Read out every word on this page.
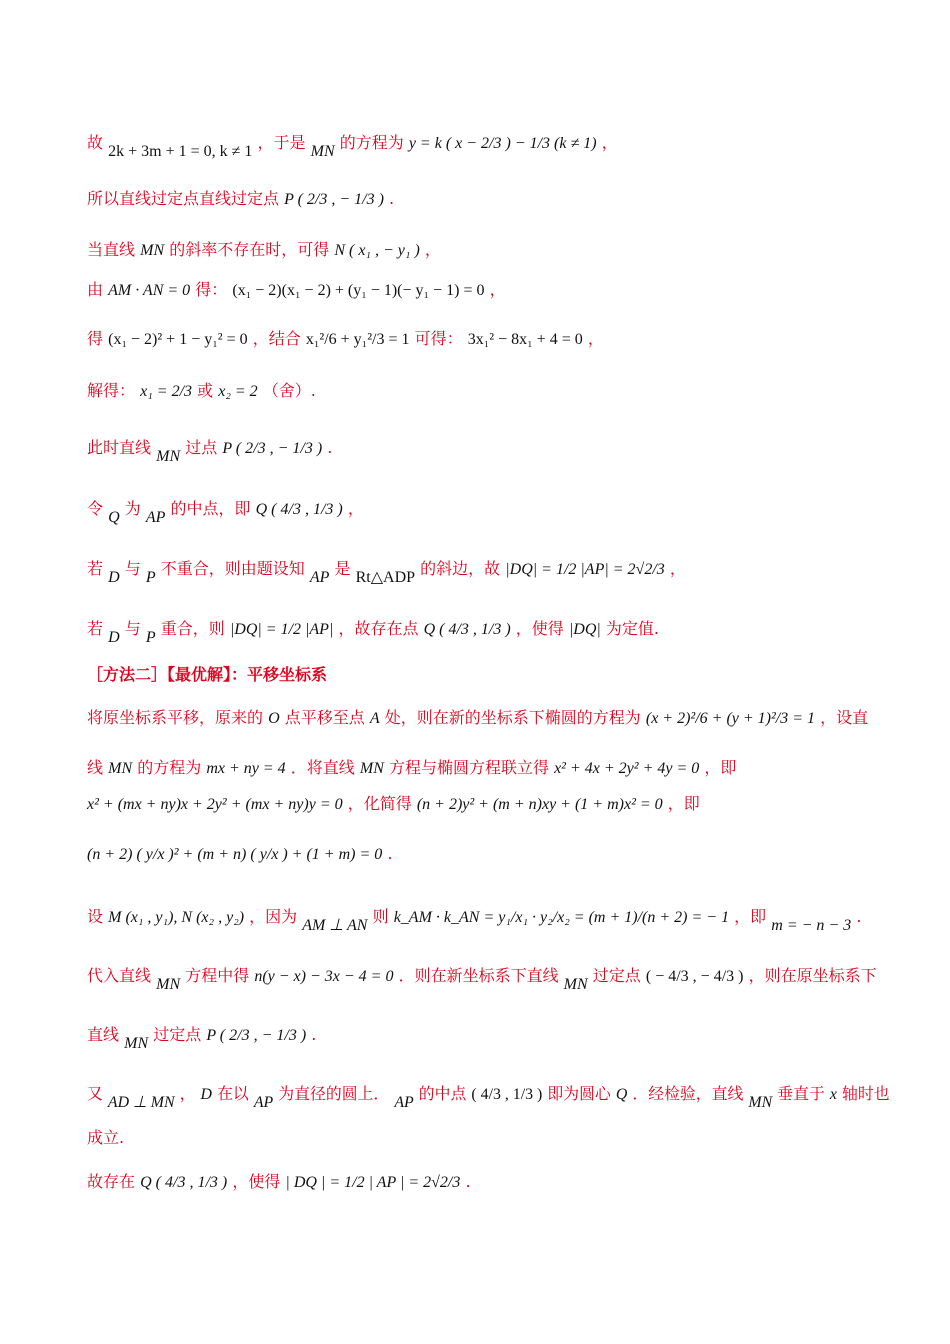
故 2k + 3m + 1 = 0, k ≠ 1 ，于是 MN 的方程为 y = k ( x − 2/3 ) − 1/3 (k ≠ 1) ，
所以直线过定点直线过定点 P ( 2/3 , − 1/3 ) .
当直线 MN 的斜率不存在时，可得 N ( x₁ , − y₁ ) ，
由 AM · AN = 0 得： (x₁ − 2)(x₁ − 2) + (y₁ − 1)(− y₁ − 1) = 0 ，
得 (x₁ − 2)² + 1 − y₁² = 0 ，结合 x₁²/6 + y₁²/3 = 1 可得： 3x₁² − 8x₁ + 4 = 0 ，
解得： x₁ = 2/3 或 x₂ = 2 （舍）.
此时直线 MN 过点 P ( 2/3 , − 1/3 ) .
令 Q 为 AP 的中点，即 Q ( 4/3 , 1/3 ) ，
若 D 与 P 不重合，则由题设知 AP 是 Rt△ADP 的斜边，故 |DQ| = 1/2 |AP| = 2√2/3 ，
若 D 与 P 重合，则 |DQ| = 1/2 |AP| ，故存在点 Q ( 4/3 , 1/3 ) ，使得 |DQ| 为定值.
［方法二］【最优解】：平移坐标系
将原坐标系平移，原来的 O 点平移至点 A 处，则在新的坐标系下椭圆的方程为 (x + 2)²/6 + (y + 1)²/3 = 1 ，设直
线 MN 的方程为 mx + ny = 4 ．将直线 MN 方程与椭圆方程联立得 x² + 4x + 2y² + 4y = 0 ，即
x² + (mx + ny)x + 2y² + (mx + ny)y = 0 ，化简得 (n + 2)y² + (m + n)xy + (1 + m)x² = 0 ，即
(n + 2) ( y/x )² + (m + n) ( y/x ) + (1 + m) = 0 .
设 M (x₁ , y₁), N (x₂ , y₂) ，因为 AM ⊥ AN 则 k_AM · k_AN = y₁/x₁ · y₂/x₂ = (m + 1)/(n + 2) = − 1 ，即 m = − n − 3 .
代入直线 MN 方程中得 n(y − x) − 3x − 4 = 0 ．则在新坐标系下直线 MN 过定点 ( − 4/3 , − 4/3 ) ，则在原坐标系下
直线 MN 过定点 P ( 2/3 , − 1/3 ) .
又 AD ⊥ MN ， D 在以 AP 为直径的圆上． AP 的中点 ( 4/3 , 1/3 ) 即为圆心 Q ．经检验，直线 MN 垂直于 x 轴时也
成立.
故存在 Q ( 4/3 , 1/3 ) ，使得 | DQ | = 1/2 | AP | = 2√2/3 .
